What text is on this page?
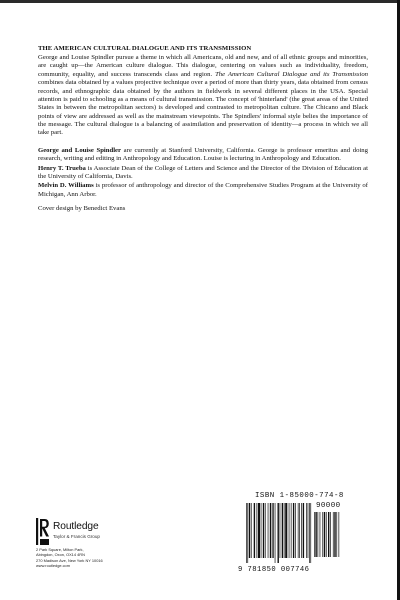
THE AMERICAN CULTURAL DIALOGUE AND ITS TRANSMISSION

George and Louise Spindler pursue a theme in which all Americans, old and new, and of all ethnic groups and minorities, are caught up—the American culture dialogue. This dialogue, centering on values such as individuality, freedom, community, equality, and success transcends class and region. The American Cultural Dialogue and its Transmission combines data obtained by a values projective technique over a period of more than thirty years, data obtained from census records, and ethnographic data obtained by the authors in fieldwork in several different places in the USA. Special attention is paid to schooling as a means of cultural transmission. The concept of 'hinterland' (the great areas of the United States in between the metropolitan sectors) is developed and contrasted to metropolitan culture. The Chicano and Black points of view are addressed as well as the mainstream viewpoints. The Spindlers' informal style belies the importance of the message. The cultural dialogue is a balancing of assimilation and preservation of identity—a process in which we all take part.

George and Louise Spindler are currently at Stanford University, California. George is professor emeritus and doing research, writing and editing in Anthropology and Education. Louise is lecturing in Anthropology and Education.

Henry T. Trueba is Associate Dean of the College of Letters and Science and the Director of the Division of Education at the University of California, Davis.

Melvin D. Williams is professor of anthropology and director of the Comprehensive Studies Program at the University of Michigan, Ann Arbor.

Cover design by Benedict Evans

Routledge
Taylor & Francis Group
2 Park Square, Milton Park,
Abingdon, Oxon, OX14 4RN
270 Madison Ave, New York NY 10016
www.routledge.com
ISBN 1-85000-774-8
90000
9 781850 007746
